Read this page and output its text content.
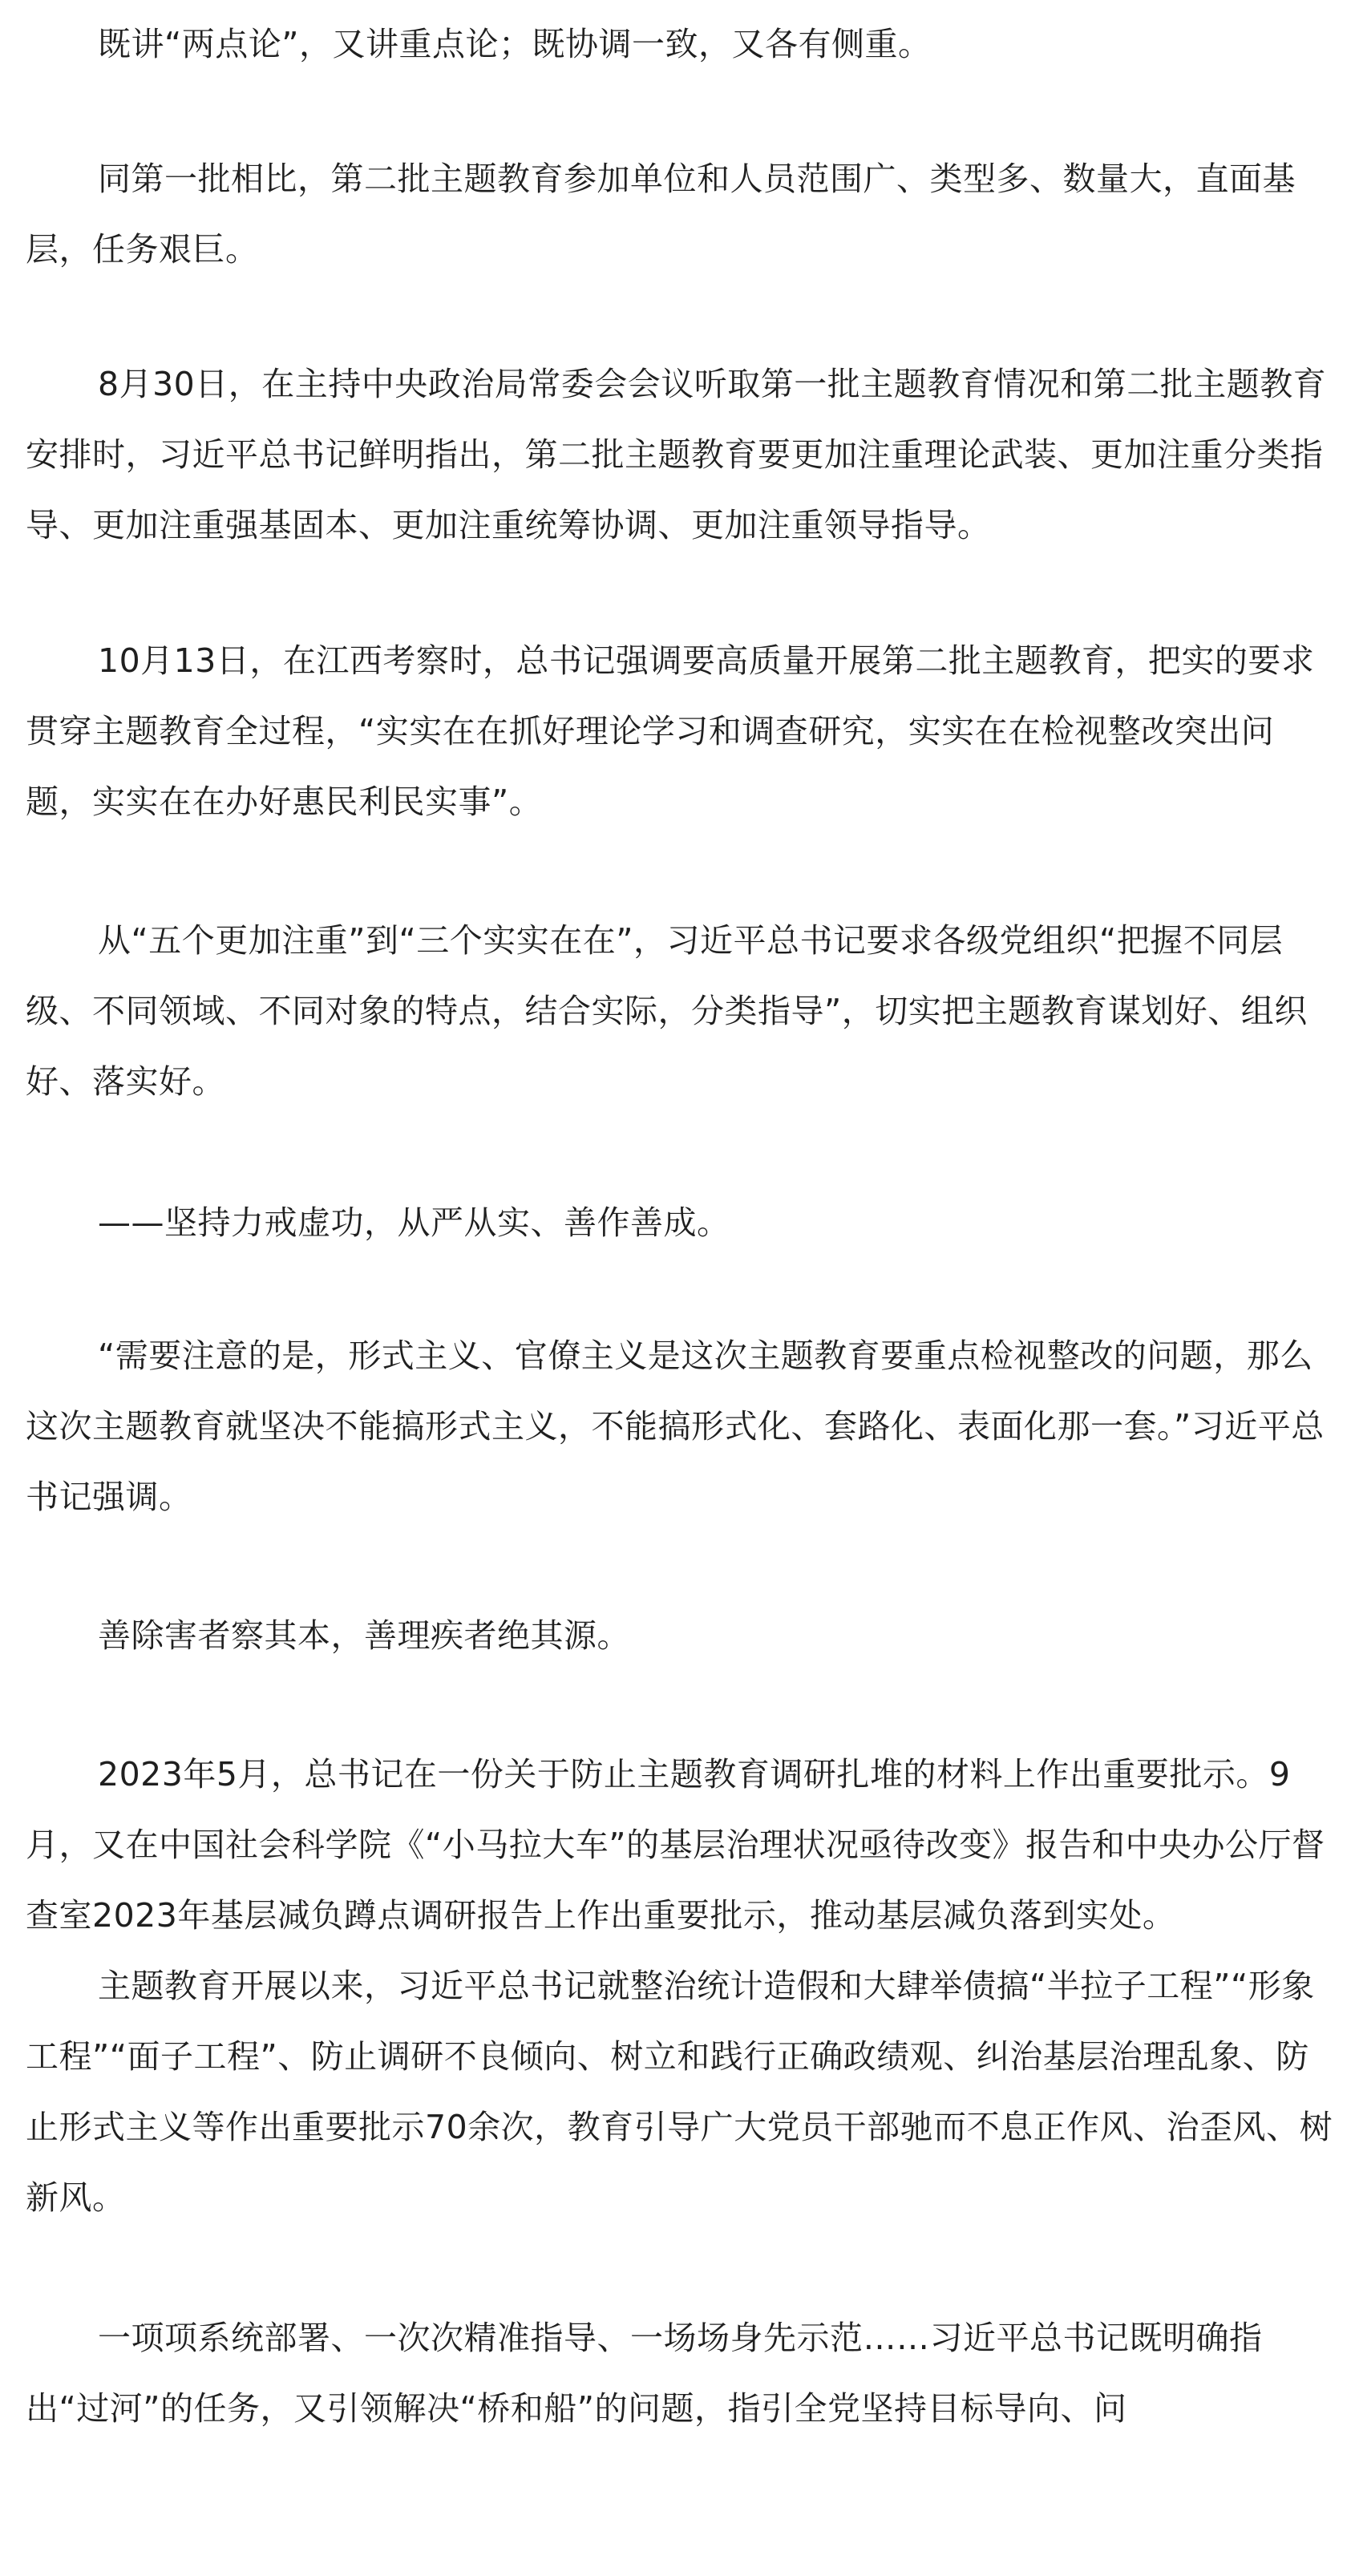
既讲“两点论”，又讲重点论；既协调一致，又各有侧重。

同第一批相比，第二批主题教育参加单位和人员范围广、类型多、数量大，直面基层，任务艰巨。

8月30日，在主持中央政治局常委会会议听取第一批主题教育情况和第二批主题教育安排时，习近平总书记鲜明指出，第二批主题教育要更加注重理论武装、更加注重分类指导、更加注重强基固本、更加注重统筹协调、更加注重领导指导。

10月13日，在江西考察时，总书记强调要高质量开展第二批主题教育，把实的要求贯穿主题教育全过程，“实实在在抓好理论学习和调查研究，实实在在检视整改突出问题，实实在在办好惠民利民实事”。

从“五个更加注重”到“三个实实在在”，习近平总书记要求各级党组织“把握不同层级、不同领域、不同对象的特点，结合实际，分类指导”，切实把主题教育谋划好、组织好、落实好。

——坚持力戒虚功，从严从实、善作善成。

“需要注意的是，形式主义、官僚主义是这次主题教育要重点检视整改的问题，那么这次主题教育就坚决不能搞形式主义，不能搞形式化、套路化、表面化那一套。”习近平总书记强调。

善除害者察其本，善理疾者绝其源。

2023年5月，总书记在一份关于防止主题教育调研扎堆的材料上作出重要批示。9月，又在中国社会科学院《“小马拉大车”的基层治理状况亟待改变》报告和中央办公厅督查室2023年基层减负蹲点调研报告上作出重要批示，推动基层减负落到实处。

主题教育开展以来，习近平总书记就整治统计造假和大肆举债搞“半拉子工程”“形象工程”“面子工程”、防止调研不良倾向、树立和践行正确政绩观、纠治基层治理乱象、防止形式主义等作出重要批示70余次，教育引导广大党员干部驰而不息正作风、治歪风、树新风。

一项项系统部署、一次次精准指导、一场场身先示范……习近平总书记既明确指出“过河”的任务，又引领解决“桥和船”的问题，指引全党坚持目标导向、问
